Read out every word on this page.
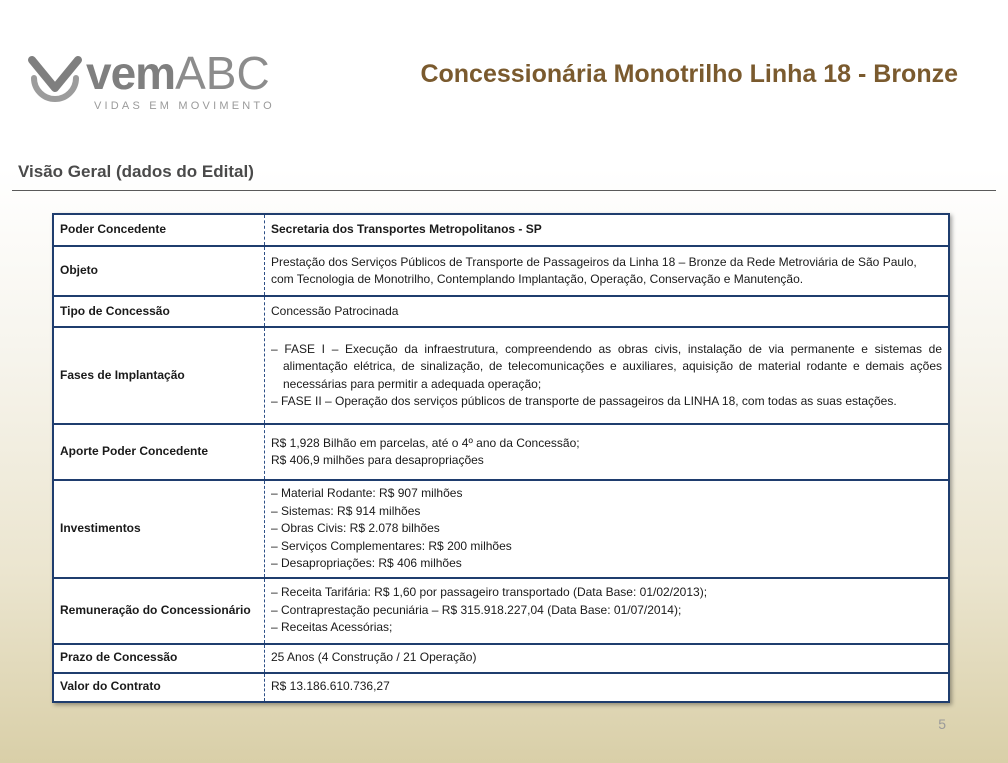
vemABC
VIDAS EM MOVIMENTO
Concessionária Monotrilho Linha 18 - Bronze
Visão Geral (dados do Edital)
Poder Concedente	Secretaria dos Transportes Metropolitanos - SP

Objeto	Prestação dos Serviços Públicos de Transporte de Passageiros da Linha 18 – Bronze da Rede Metroviária de São Paulo, com Tecnologia de Monotrilho, Contemplando Implantação, Operação, Conservação e Manutenção.

Tipo de Concessão	Concessão Patrocinada

Fases de Implantação	– FASE I – Execução da infraestrutura, compreendendo as obras civis, instalação de via permanente e sistemas de alimentação elétrica, de sinalização, de telecomunicações e auxiliares, aquisição de material rodante e demais ações necessárias para permitir a adequada operação;

– FASE II – Operação dos serviços públicos de transporte de passageiros da LINHA 18, com todas as suas estações.

Aporte Poder Concedente	R$ 1,928 Bilhão em parcelas, até o 4º ano da Concessão;

R$ 406,9 milhões para desapropriações

Investimentos	– Material Rodante: R$ 907 milhões

– Sistemas: R$ 914 milhões

– Obras Civis: R$ 2.078 bilhões

– Serviços Complementares: R$ 200 milhões

– Desapropriações: R$ 406 milhões

Remuneração do Concessionário	– Receita Tarifária: R$ 1,60 por passageiro transportado (Data Base: 01/02/2013);

– Contraprestação pecuniária – R$ 315.918.227,04 (Data Base: 01/07/2014);

– Receitas Acessórias;

Prazo de Concessão	25 Anos (4 Construção / 21 Operação)

Valor do Contrato	R$ 13.186.610.736,27

5
